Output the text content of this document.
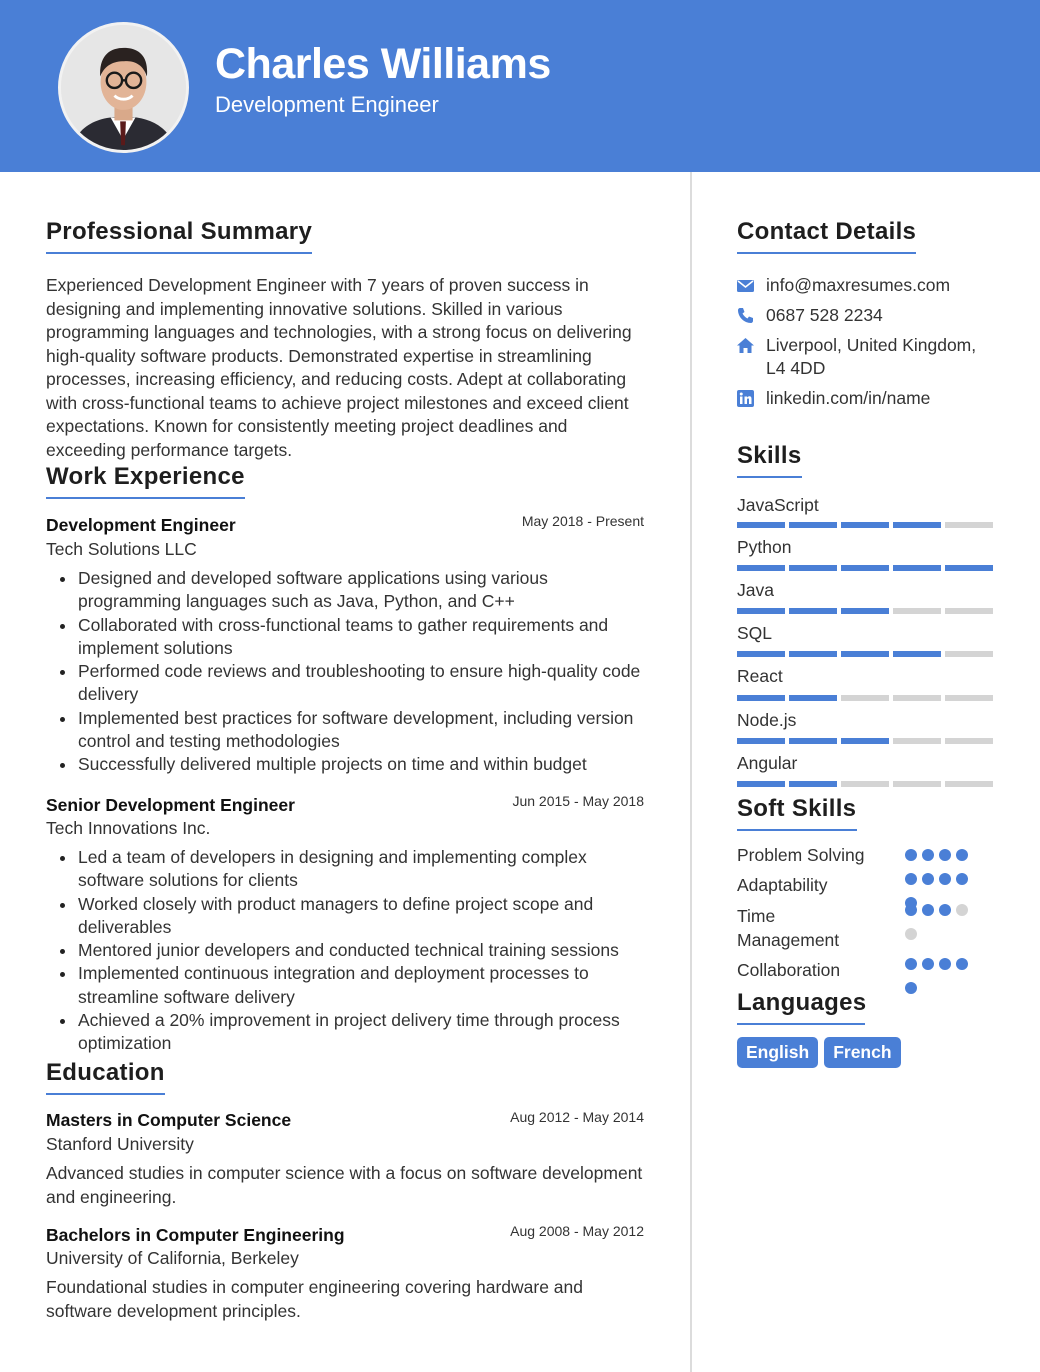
Charles Williams
Development Engineer
Professional Summary
Experienced Development Engineer with 7 years of proven success in designing and implementing innovative solutions. Skilled in various programming languages and technologies, with a strong focus on delivering high-quality software products. Demonstrated expertise in streamlining processes, increasing efficiency, and reducing costs. Adept at collaborating with cross-functional teams to achieve project milestones and exceed client expectations. Known for consistently meeting project deadlines and exceeding performance targets.
Work Experience
Development Engineer	May 2018 - Present
Tech Solutions LLC
Designed and developed software applications using various programming languages such as Java, Python, and C++
Collaborated with cross-functional teams to gather requirements and implement solutions
Performed code reviews and troubleshooting to ensure high-quality code delivery
Implemented best practices for software development, including version control and testing methodologies
Successfully delivered multiple projects on time and within budget
Senior Development Engineer	Jun 2015 - May 2018
Tech Innovations Inc.
Led a team of developers in designing and implementing complex software solutions for clients
Worked closely with product managers to define project scope and deliverables
Mentored junior developers and conducted technical training sessions
Implemented continuous integration and deployment processes to streamline software delivery
Achieved a 20% improvement in project delivery time through process optimization
Education
Masters in Computer Science	Aug 2012 - May 2014
Stanford University
Advanced studies in computer science with a focus on software development and engineering.
Bachelors in Computer Engineering	Aug 2008 - May 2012
University of California, Berkeley
Foundational studies in computer engineering covering hardware and software development principles.
Contact Details
info@maxresumes.com
0687 528 2234
Liverpool, United Kingdom, L4 4DD
linkedin.com/in/name
Skills
JavaScript
Python
Java
SQL
React
Node.js
Angular
Soft Skills
Problem Solving
Adaptability
Time Management
Collaboration
Languages
English	French
